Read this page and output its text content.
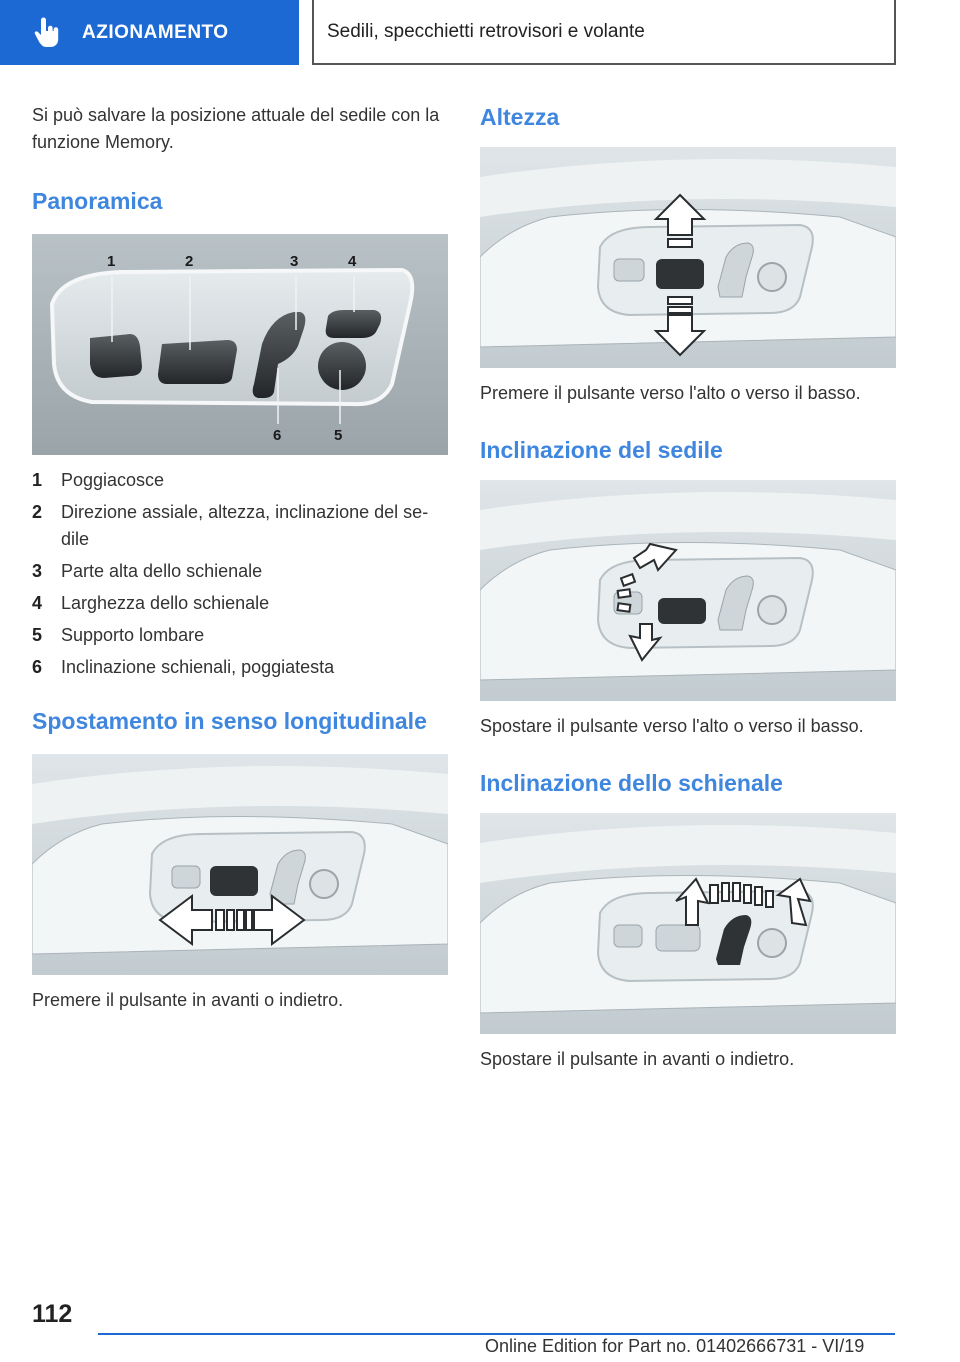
AZIONAMENTO	Sedili, specchietti retrovisori e volante

Si può salvare la posizione attuale del sedile con la funzione Memory.

Panoramica
1	2	3	4
6	5
1	Poggiacosce
2	Direzione assiale, altezza, inclinazione del se-dile
3	Parte alta dello schienale
4	Larghezza dello schienale
5	Supporto lombare
6	Inclinazione schienali, poggiatesta
Spostamento in senso longitudinale

Premere il pulsante in avanti o indietro.

Altezza

Premere il pulsante verso l'alto o verso il basso.

Inclinazione del sedile

Spostare il pulsante verso l'alto o verso il basso.

Inclinazione dello schienale

Spostare il pulsante in avanti o indietro.

112
Online Edition for Part no. 01402666731 - VI/19
